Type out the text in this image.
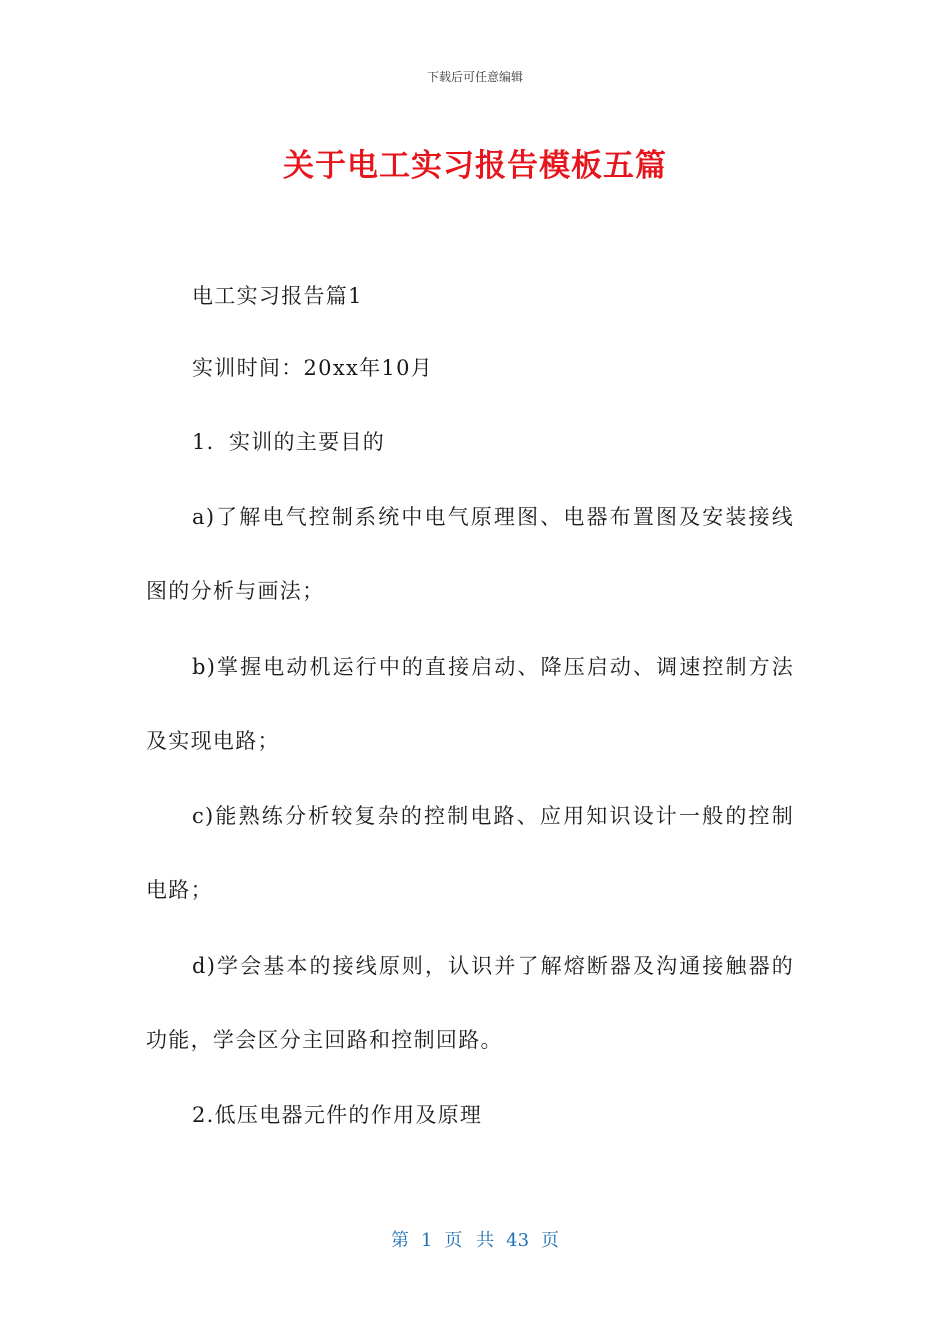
下载后可任意编辑
关于电工实习报告模板五篇

电工实习报告篇1

实训时间：20xx年10月

1．实训的主要目的

a)了解电气控制系统中电气原理图、电器布置图及安装接线图的分析与画法；

b)掌握电动机运行中的直接启动、降压启动、调速控制方法及实现电路；

c)能熟练分析较复杂的控制电路、应用知识设计一般的控制电路；

d)学会基本的接线原则，认识并了解熔断器及沟通接触器的功能，学会区分主回路和控制回路。

2.低压电器元件的作用及原理

第 1 页 共 43 页
